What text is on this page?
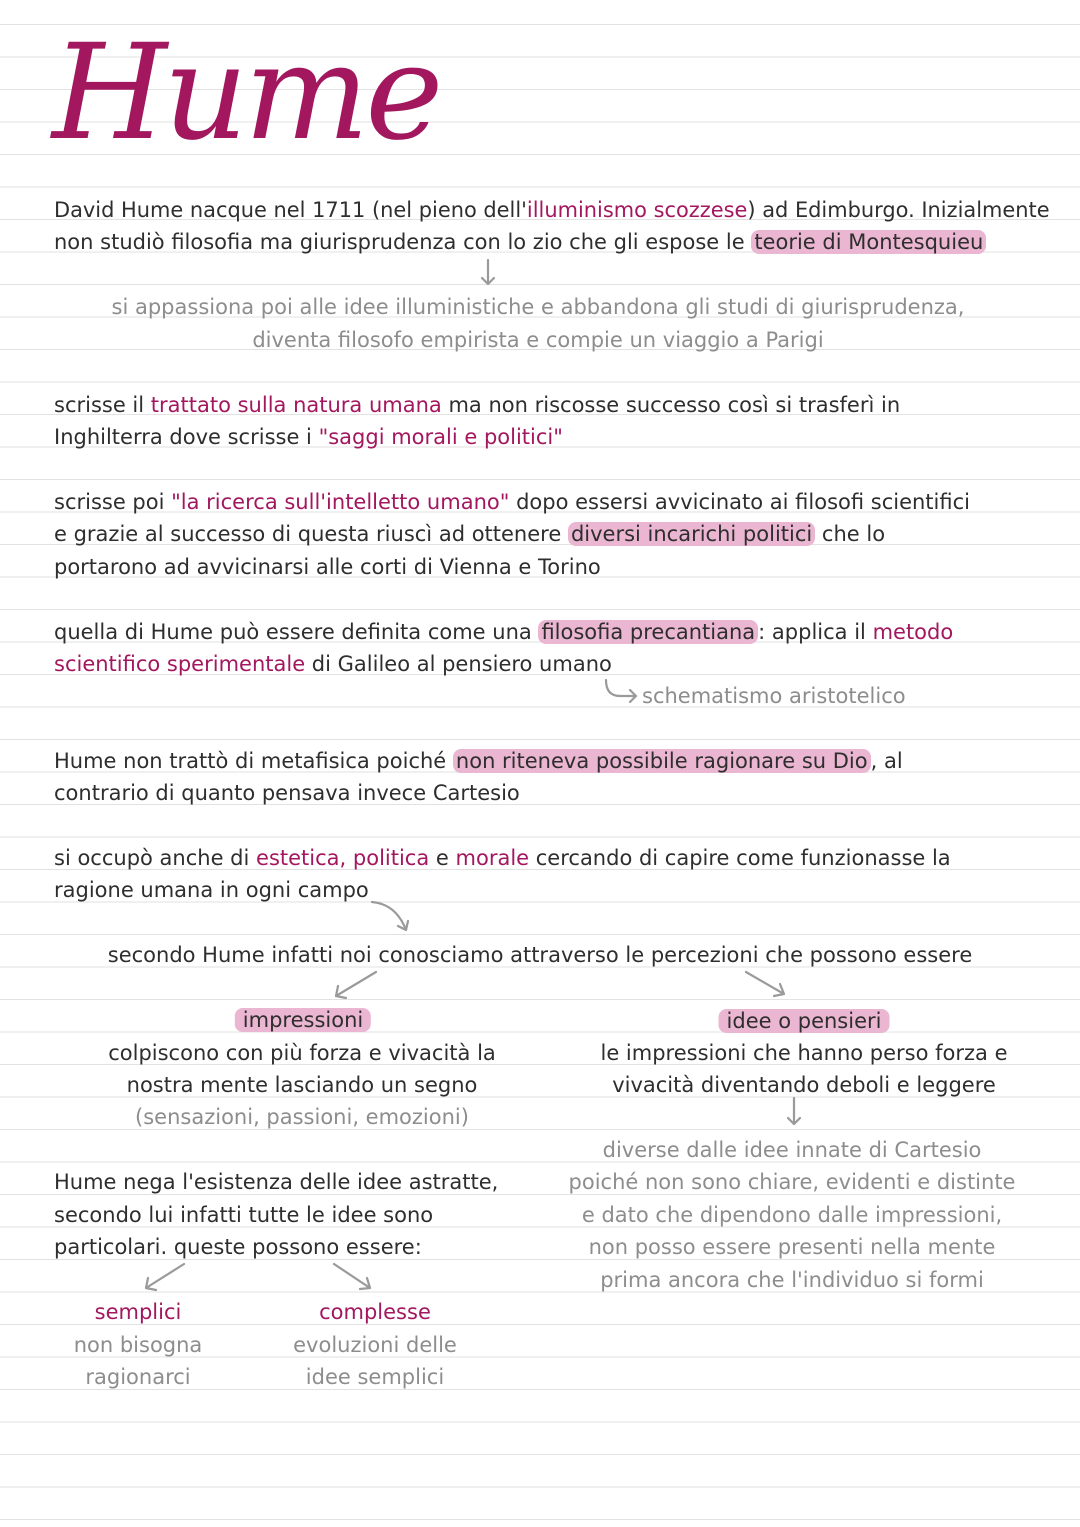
Hume

David Hume nacque nel 1711 (nel pieno dell'illuminismo scozzese) ad Edimburgo. Inizialmente

non studiò filosofia ma giurisprudenza con lo zio che gli espose le teorie di Montesquieu

si appassiona poi alle idee illuministiche e abbandona gli studi di giurisprudenza,

diventa filosofo empirista e compie un viaggio a Parigi

scrisse il trattato sulla natura umana ma non riscosse successo così si trasferì in

Inghilterra dove scrisse i "saggi morali e politici"

scrisse poi "la ricerca sull'intelletto umano" dopo essersi avvicinato ai filosofi scientifici

e grazie al successo di questa riuscì ad ottenere diversi incarichi politici che lo

portarono ad avvicinarsi alle corti di Vienna e Torino

quella di Hume può essere definita come una filosofia precantiana : applica il metodo

scientifico sperimentale di Galileo al pensiero umano

schematismo aristotelico

Hume non trattò di metafisica poiché non riteneva possibile ragionare su Dio , al

contrario di quanto pensava invece Cartesio

si occupò anche di estetica, politica e morale cercando di capire come funzionasse la

ragione umana in ogni campo

secondo Hume infatti noi conosciamo attraverso le percezioni che possono essere

impressioni

colpiscono con più forza e vivacità la

nostra mente lasciando un segno

(sensazioni, passioni, emozioni)

idee o pensieri

le impressioni che hanno perso forza e

vivacità diventando deboli e leggere

diverse dalle idee innate di Cartesio

poiché non sono chiare, evidenti e distinte

e dato che dipendono dalle impressioni,

non posso essere presenti nella mente

prima ancora che l'individuo si formi

Hume nega l'esistenza delle idee astratte,

secondo lui infatti tutte le idee sono

particolari. queste possono essere:

semplici

non bisogna

ragionarci

complesse

evoluzioni delle

idee semplici
